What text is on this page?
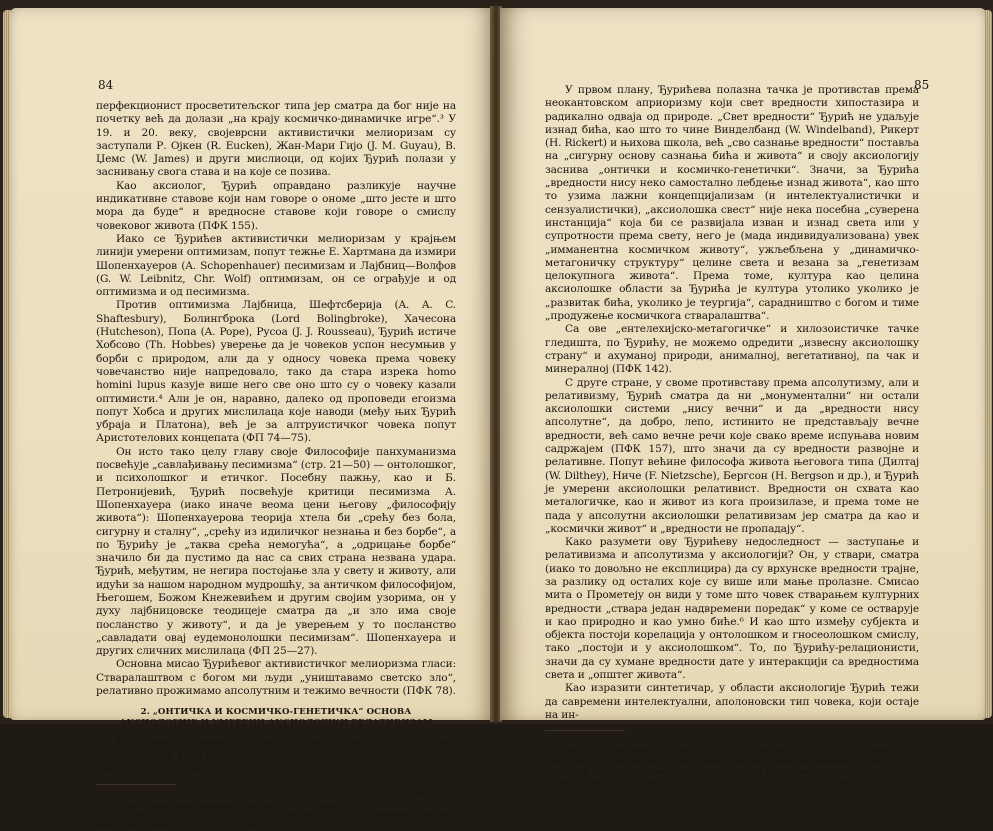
84

перфекционист просветитељског типа јер сматра да бог није на почетку већ да долази „на крају космичко-динамичке игре“.³ У 19. и 20. веку, својеврсни активистички мелиоризам су заступали Р. Ојкен (R. Eucken), Жан-Мари Гијо (J. M. Guyau), В. Џемс (W. James) и други мислиоци, од којих Ђурић полази у заснивању свога става и на које се позива.

Као аксиолог, Ђурић оправдано разликује научне индикативне ставове који нам говоре о ономе „што јесте и што мора да буде“ и вредносне ставове који говоре о смислу човековог живота (ПФК 155).

Иако се Ђурићев активистички мелиоризам у крајњем линији умерени оптимизам, попут тежње Е. Хартмана да измири Шопенхауеров (A. Schopenhauer) песимизам и Лајбниц—Волфов (G. W. Leibnitz, Chr. Wolf) оптимизам, он се ограђује и од оптимизма и од песимизма.

Против оптимизма Лајбница, Шефтсберија (A. A. C. Shaftesbury), Болингброка (Lord Bolingbroke), Хачесона (Hutcheson), Попа (A. Pope), Русоа (J. J. Rousseau), Ђурић истиче Хобсово (Th. Hobbes) уверење да је човеков успон несумњив у борби с природом, али да у односу човека према човеку човечанство није напредовало, тако да стара изрека homo homini lupus казује више него све оно што су о човеку казали оптимисти.⁴ Али је он, наравно, далеко од проповеди егоизма попут Хобса и других мислилаца које наводи (међу њих Ђурић убраја и Платона), већ је за алтруистичког човека попут Аристотелових концепата (ФП 74—75).

Он исто тако целу главу своје Философије панхуманизма посвећује „савлађивању песимизма“ (стр. 21—50) — онтолошког, и психолошког и етичког. Посебну пажњу, као и Б. Петронијевић, Ђурић посвећује критици песимизма А. Шопенхауера (иако иначе веома цени његову „философију живота“): Шопенхауерова теорија хтела би „срећу без бола, сигурну и сталну“, „срећу из идиличког незнања и без борбе“, а по Ђурићу је „таква срећа немогућа“, а „одрицање борбе“ значило би да пустимо да нас са свих страна незвана удара. Ђурић, међутим, не негира постојање зла у свету и животу, али идући за нашом народном мудрошћу, за античком философијом, Његошем, Божом Кнежевићем и другим својим узорима, он у духу лајбницовске теодицеје сматра да „и зло има своје посланство у животу“, и да је уверењем у то посланство „савладати овај еудемонолошки песимизам“. Шопенхауера и других сличних мислилаца (ФП 25—27).

Основна мисао Ђурићевог активистичког мелиоризма гласи: Стваралаштвом с богом ми људи „уништавамо светско зло“, релативно прожимамо апсолутним и тежимо вечности (ПФК 78).

2. „ОНТИЧКА И КОСМИЧКО-ГЕНЕТИЧКА“ ОСНОВА АКСИОЛОГИЈЕ И УМЕРЕНИ АКСИОЛОШКИ РЕЛАТИВИЗАМ

У даљем заснивању свога става Ђурић се критички противставља како аксиолошком субјективизму и објективизму, тако и апсолутизму.⁵

³ Проблеми философије културе, Београд 1929, 26 (у даљем тексту: ПФК).

⁴ Философија панхуманизма, Београд 1922, 71 (даље: ФП).

⁵ ПФК 26—27, 142, 147; ФП 49, 84; Рационализам у савременој немачкој философији, Београд 1928, 132 (даље: Рац); итд.

85

У првом плану, Ђурићева полазна тачка је противстав према неокантовском априоризму који свет вредности хипостазира и радикално одваја од природе. „Свет вредности“ Ђурић не удаљује изнад бића, као што то чине Винделбанд (W. Windelband), Рикерт (H. Rickert) и њихова школа, већ „сво сазнање вредности“ поставља на „сигурну основу сазнања бића и живота“ и своју аксиологију заснива „онтички и космичко-генетички“. Значи, за Ђурића „вредности нису неко самостално лебдење изнад живота“, као што то узима лажни концепцијализам (и интелектуалистички и сензуалистички), „аксиолошка свест“ није нека посебна „суверена инстанција“ која би се развијала изван и изнад света или у супротности према свету, него је (мада индивидуализована) увек „имманентна космичком животу“, ужљебљена у „динамичко-метагоничку структуру“ целине света и везана за „генетизам целокупнога живота“. Према томе, култура као целина аксиолошке области за Ђурића је култура утолико уколико је „развитак бића, уколико је теургија“, сарадништво с богом и тиме „продужење космичкога стваралаштва“.

Са ове „ентелехијско-метагогичке“ и хилозоистичке тачке гледишта, по Ђурићу, не можемо одредити „извесну аксиолошку страну“ и ахуманој природи, анималној, вегетативној, па чак и минералној (ПФК 142).

С друге стране, у своме противставу према апсолутизму, али и релативизму, Ђурић сматра да ни „монументални“ ни остали аксиолошки системи „нису вечни“ и да „вредности нису апсолутне“, да добро, лепо, истинито не представљају вечне вредности, већ само вечне речи које свако време испуњава новим садржајем (ПФК 157), што значи да су вредности развојне и релативне. Попут већине философа живота његовога типа (Дилтај (W. Dilthey), Ниче (F. Nietzsche), Бергсон (H. Bergson и др.), и Ђурић је умерени аксиолошки релативист. Вредности он схвата као металогичке, као и живот из кога произилазе, и према томе не пада у апсолутни аксиолошки релативизам јер сматра да као и „космички живот“ и „вредности не пропадају“.

Како разумети ову Ђурићеву недоследност — заступање и релативизма и апсолутизма у аксиологији? Он, у ствари, сматра (иако то довољно не експлицира) да су врхунске вредности трајне, за разлику од осталих које су више или мање пролазне. Смисао мита о Прометеју он види у томе што човек стварањем културних вредности „ствара један надвремени поредак“ у коме се остварује и као природно и као умно биће.⁶ И као што између субјекта и објекта постоји корелација у онтолошком и гносеолошком смислу, тако „постоји и у аксиолошком“. То, по Ђурићу-релационисти, значи да су хумане вредности дате у интеракцији са вредностима света и „општег живота“.

Као изразити синтетичар, у области аксиологије Ђурић тежи да савремени интелектуални, аполоновски тип човека, који остаје на ин-

⁶ Низу Ђурићевих извора у овом смислу данас се придружује и познати социолог-дирхемовац М. Гинсберг, који одбацује етички релативизам и заступа тзв. рационалну етику, по којој постоје ванкласне и ванисторијске „примарне моралне вредности“ које одговарају „основним човечанским потребама и импулсима (M. Ginsberg Essays in sociology and social philosoply vol. 1: «On the diversity of morals», London 1956).
